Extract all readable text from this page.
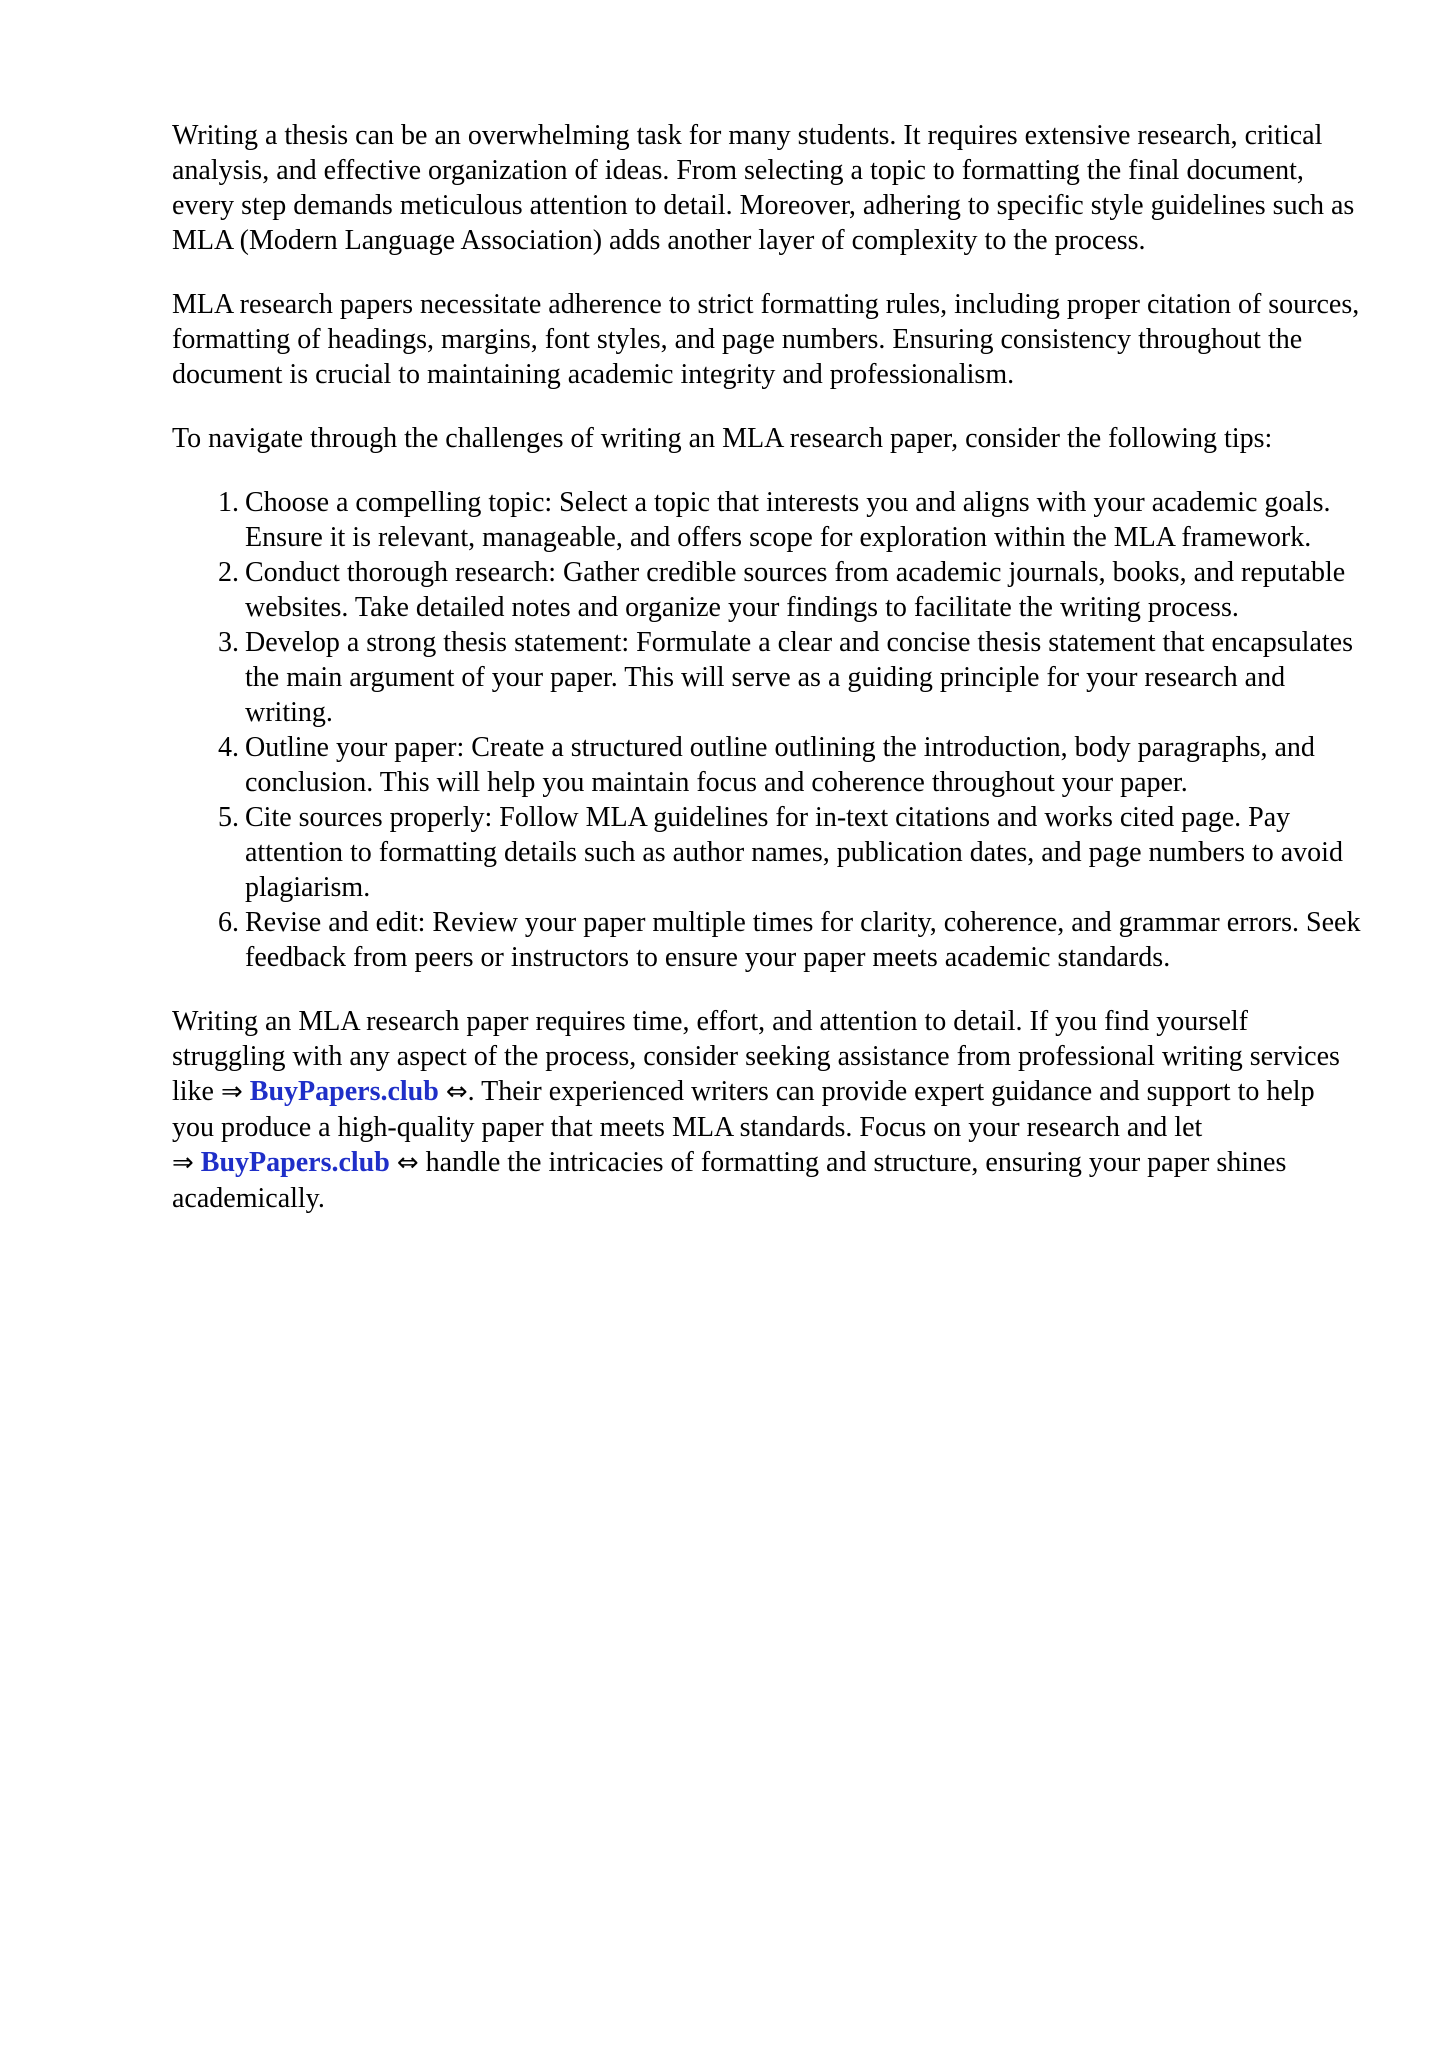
Writing a thesis can be an overwhelming task for many students. It requires extensive research, critical analysis, and effective organization of ideas. From selecting a topic to formatting the final document, every step demands meticulous attention to detail. Moreover, adhering to specific style guidelines such as MLA (Modern Language Association) adds another layer of complexity to the process.

MLA research papers necessitate adherence to strict formatting rules, including proper citation of sources, formatting of headings, margins, font styles, and page numbers. Ensuring consistency throughout the document is crucial to maintaining academic integrity and professionalism.

To navigate through the challenges of writing an MLA research paper, consider the following tips:

1. Choose a compelling topic: Select a topic that interests you and aligns with your academic goals. Ensure it is relevant, manageable, and offers scope for exploration within the MLA framework.
2. Conduct thorough research: Gather credible sources from academic journals, books, and reputable websites. Take detailed notes and organize your findings to facilitate the writing process.
3. Develop a strong thesis statement: Formulate a clear and concise thesis statement that encapsulates the main argument of your paper. This will serve as a guiding principle for your research and writing.
4. Outline your paper: Create a structured outline outlining the introduction, body paragraphs, and conclusion. This will help you maintain focus and coherence throughout your paper.
5. Cite sources properly: Follow MLA guidelines for in-text citations and works cited page. Pay attention to formatting details such as author names, publication dates, and page numbers to avoid plagiarism.
6. Revise and edit: Review your paper multiple times for clarity, coherence, and grammar errors. Seek feedback from peers or instructors to ensure your paper meets academic standards.

Writing an MLA research paper requires time, effort, and attention to detail. If you find yourself struggling with any aspect of the process, consider seeking assistance from professional writing services like ⇒ BuyPapers.club ⇔. Their experienced writers can provide expert guidance and support to help you produce a high-quality paper that meets MLA standards. Focus on your research and let ⇒ BuyPapers.club ⇔ handle the intricacies of formatting and structure, ensuring your paper shines academically.
